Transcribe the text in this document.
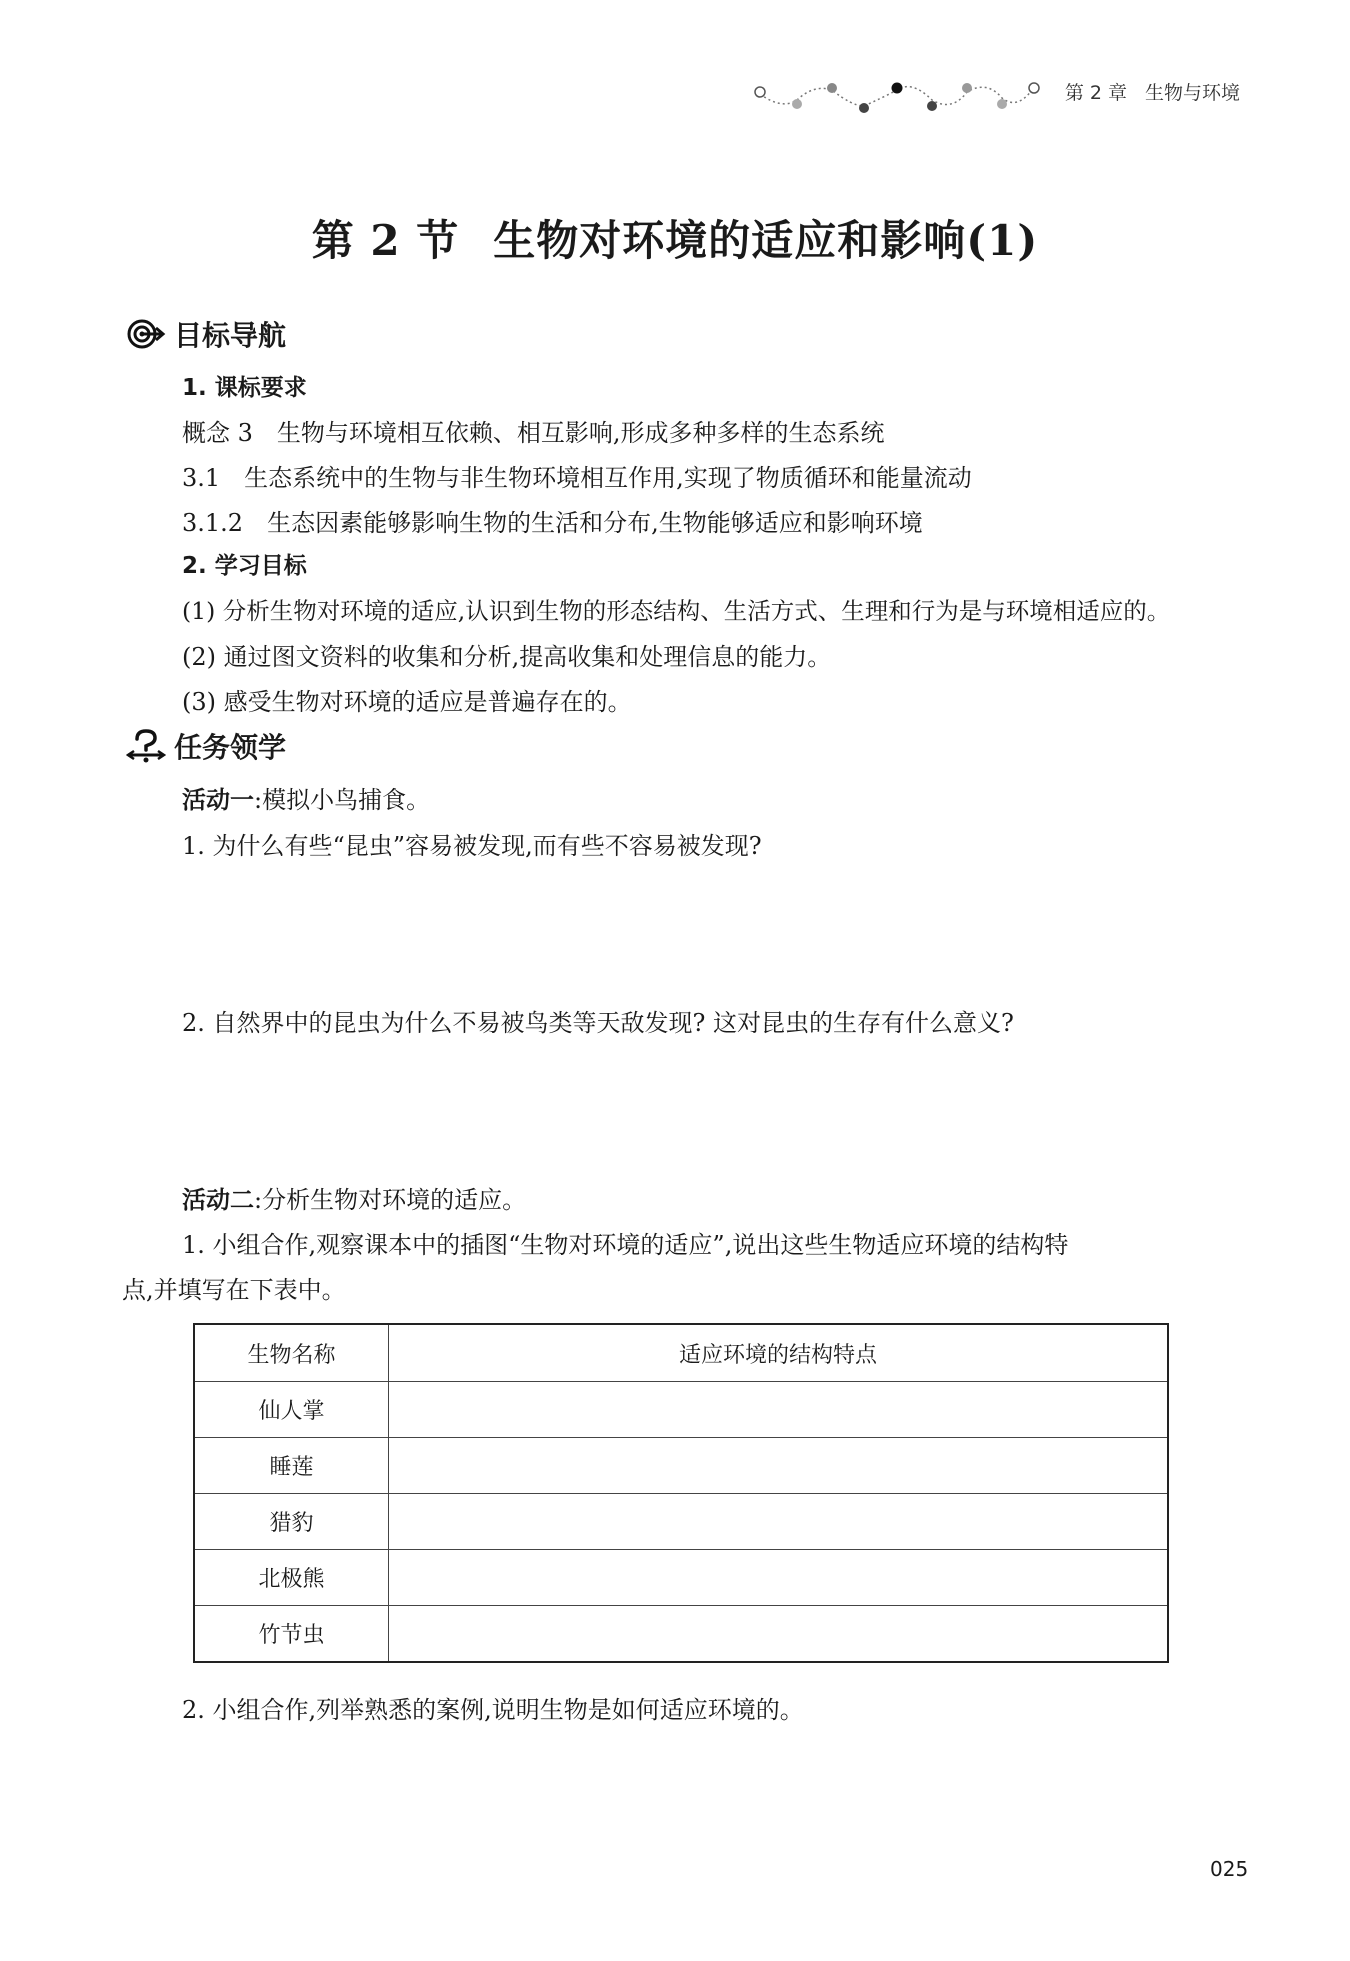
第 2 章 生物与环境
第 2 节 生物对环境的适应和影响(1)
目标导航
1. 课标要求
概念 3　生物与环境相互依赖、相互影响,形成多种多样的生态系统
3.1　生态系统中的生物与非生物环境相互作用,实现了物质循环和能量流动
3.1.2　生态因素能够影响生物的生活和分布,生物能够适应和影响环境
2. 学习目标
(1) 分析生物对环境的适应,认识到生物的形态结构、生活方式、生理和行为是与环境相适应的。
(2) 通过图文资料的收集和分析,提高收集和处理信息的能力。
(3) 感受生物对环境的适应是普遍存在的。
任务领学
活动一:模拟小鸟捕食。
1. 为什么有些“昆虫”容易被发现,而有些不容易被发现?
2. 自然界中的昆虫为什么不易被鸟类等天敌发现? 这对昆虫的生存有什么意义?
活动二:分析生物对环境的适应。
1. 小组合作,观察课本中的插图“生物对环境的适应”,说出这些生物适应环境的结构特
点,并填写在下表中。
生物名称	适应环境的结构特点
仙人掌	
睡莲	
猎豹	
北极熊	
竹节虫	
2. 小组合作,列举熟悉的案例,说明生物是如何适应环境的。
025
